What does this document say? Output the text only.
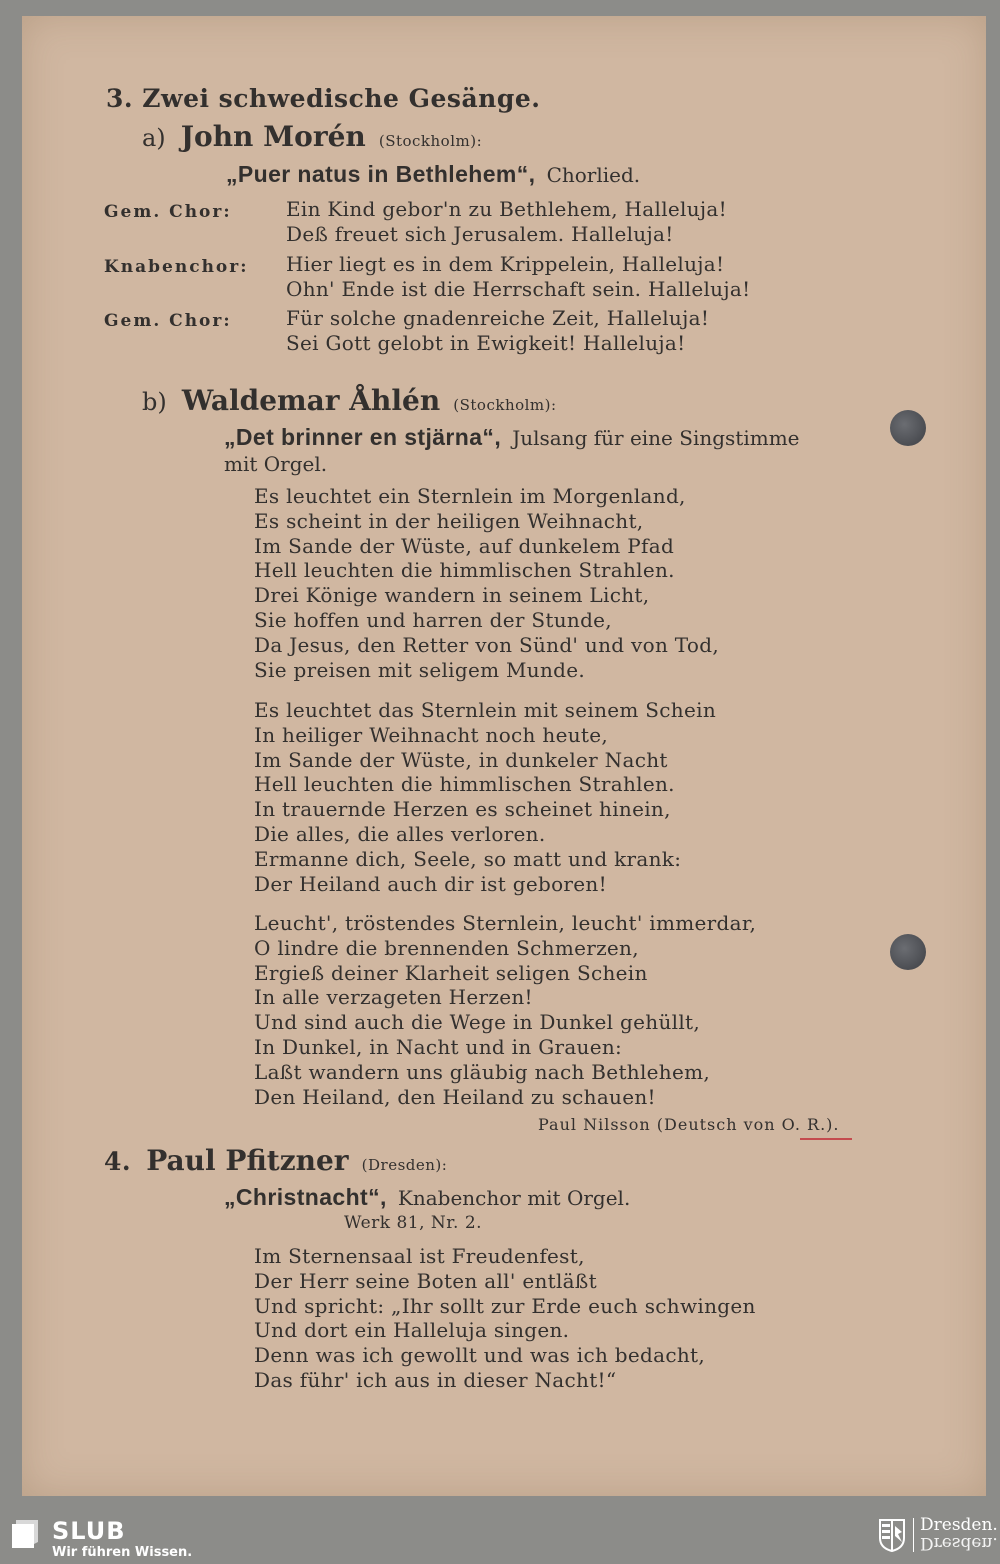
3. Zwei schwedische Gesänge.
a) John Morén (Stockholm):
„Puer natus in Bethlehem“, Chorlied.
Gem. Chor:	Ein Kind gebor'n zu Bethlehem, Halleluja!
Deß freuet sich Jerusalem. Halleluja!
Knabenchor: Hier liegt es in dem Krippelein, Halleluja!
Ohn' Ende ist die Herrschaft sein. Halleluja!
Gem. Chor:	Für solche gnadenreiche Zeit, Halleluja!
Sei Gott gelobt in Ewigkeit! Halleluja!
b) Waldemar Åhlén (Stockholm):
„Det brinner en stjärna“, Julsang für eine Singstimme
mit Orgel.
Es leuchtet ein Sternlein im Morgenland,
Es scheint in der heiligen Weihnacht,
Im Sande der Wüste, auf dunkelem Pfad
Hell leuchten die himmlischen Strahlen.
Drei Könige wandern in seinem Licht,
Sie hoffen und harren der Stunde,
Da Jesus, den Retter von Sünd' und von Tod,
Sie preisen mit seligem Munde.
Es leuchtet das Sternlein mit seinem Schein
In heiliger Weihnacht noch heute,
Im Sande der Wüste, in dunkeler Nacht
Hell leuchten die himmlischen Strahlen.
In trauernde Herzen es scheinet hinein,
Die alles, die alles verloren.
Ermanne dich, Seele, so matt und krank:
Der Heiland auch dir ist geboren!
Leucht', tröstendes Sternlein, leucht' immerdar,
O lindre die brennenden Schmerzen,
Ergieß deiner Klarheit seligen Schein
In alle verzageten Herzen!
Und sind auch die Wege in Dunkel gehüllt,
In Dunkel, in Nacht und in Grauen:
Laßt wandern uns gläubig nach Bethlehem,
Den Heiland, den Heiland zu schauen!
Paul Nilsson (Deutsch von O. R.).
4. Paul Pfitzner (Dresden):
„Christnacht“, Knabenchor mit Orgel.
Werk 81, Nr. 2.
Im Sternensaal ist Freudenfest,
Der Herr seine Boten all' entläßt
Und spricht: „Ihr sollt zur Erde euch schwingen
Und dort ein Halleluja singen.
Denn was ich gewollt und was ich bedacht,
Das führ' ich aus in dieser Nacht!“
SLUB
Wir führen Wissen.
Dresden.
Dresden.
